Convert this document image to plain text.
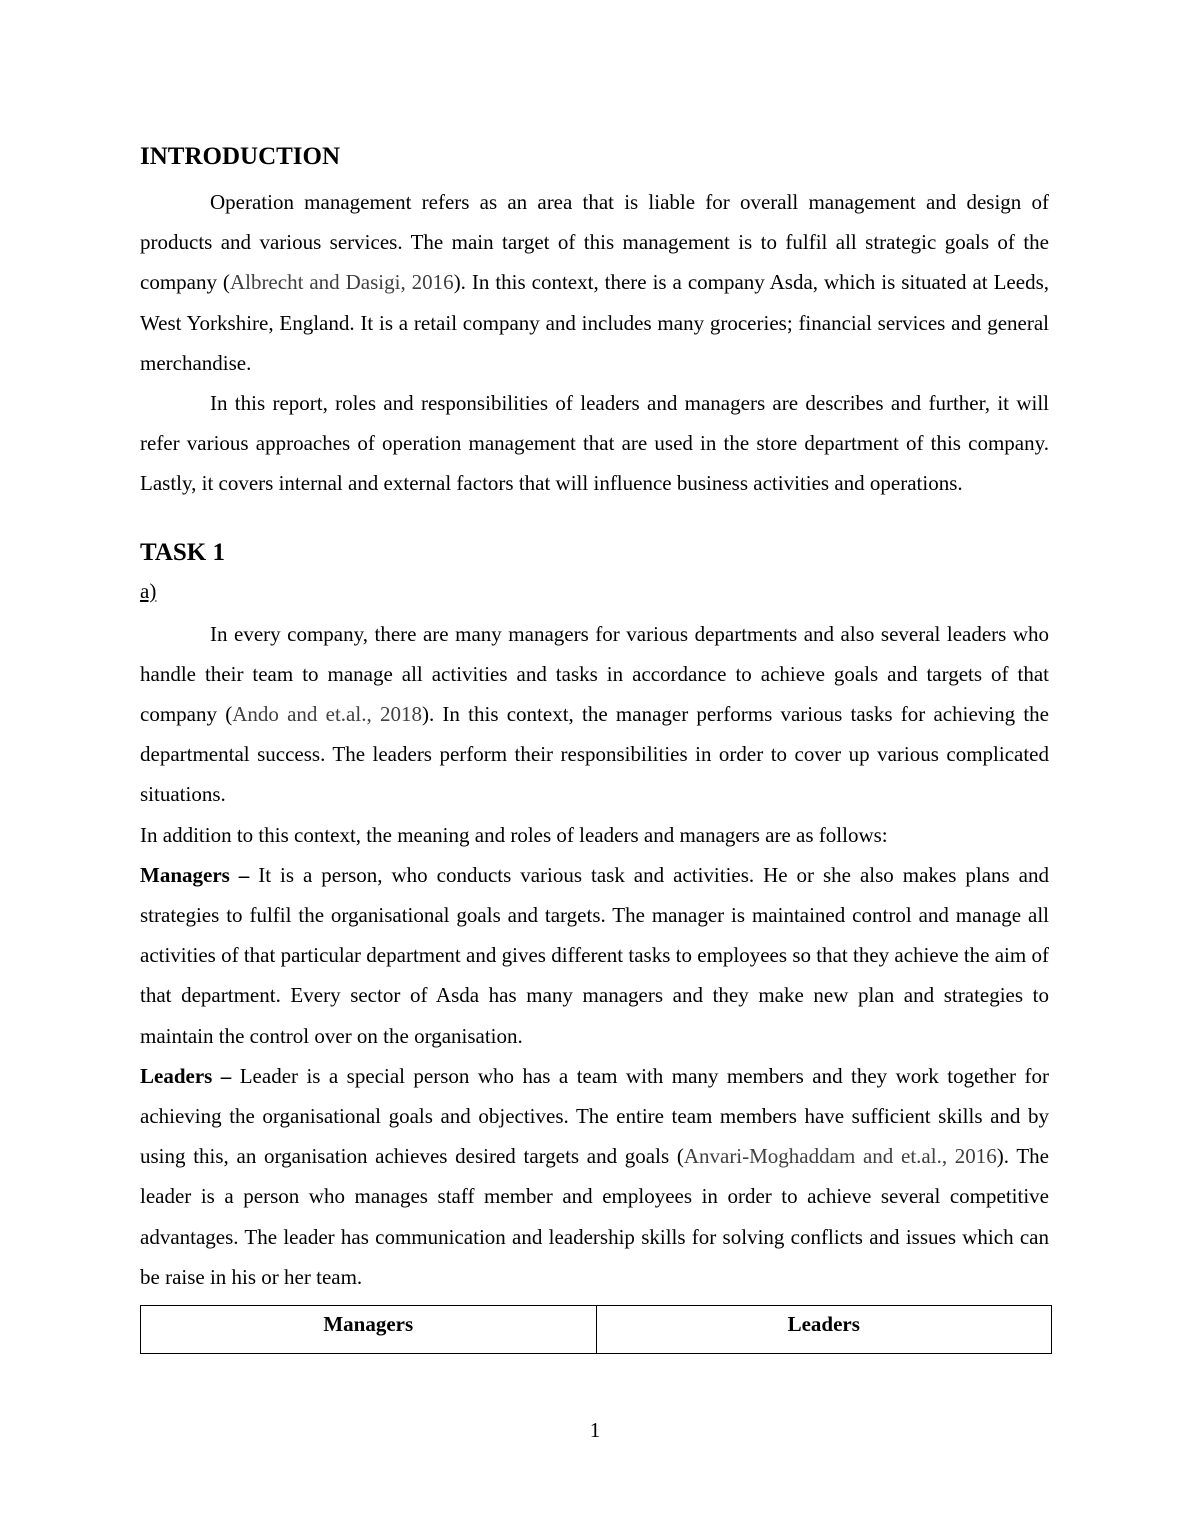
INTRODUCTION

Operation management refers as an area that is liable for overall management and design of products and various services. The main target of this management is to fulfil all strategic goals of the company (Albrecht and Dasigi, 2016). In this context, there is a company Asda, which is situated at Leeds, West Yorkshire, England. It is a retail company and includes many groceries; financial services and general merchandise.

In this report, roles and responsibilities of leaders and managers are describes and further, it will refer various approaches of operation management that are used in the store department of this company. Lastly, it covers internal and external factors that will influence business activities and operations.

TASK 1
a)

In every company, there are many managers for various departments and also several leaders who handle their team to manage all activities and tasks in accordance to achieve goals and targets of that company (Ando and et.al., 2018). In this context, the manager performs various tasks for achieving the departmental success. The leaders perform their responsibilities in order to cover up various complicated situations.

In addition to this context, the meaning and roles of leaders and managers are as follows:

Managers – It is a person, who conducts various task and activities. He or she also makes plans and strategies to fulfil the organisational goals and targets. The manager is maintained control and manage all activities of that particular department and gives different tasks to employees so that they achieve the aim of that department. Every sector of Asda has many managers and they make new plan and strategies to maintain the control over on the organisation.

Leaders – Leader is a special person who has a team with many members and they work together for achieving the organisational goals and objectives. The entire team members have sufficient skills and by using this, an organisation achieves desired targets and goals (Anvari-Moghaddam and et.al., 2016). The leader is a person who manages staff member and employees in order to achieve several competitive advantages. The leader has communication and leadership skills for solving conflicts and issues which can be raise in his or her team.

Managers	Leaders
1
